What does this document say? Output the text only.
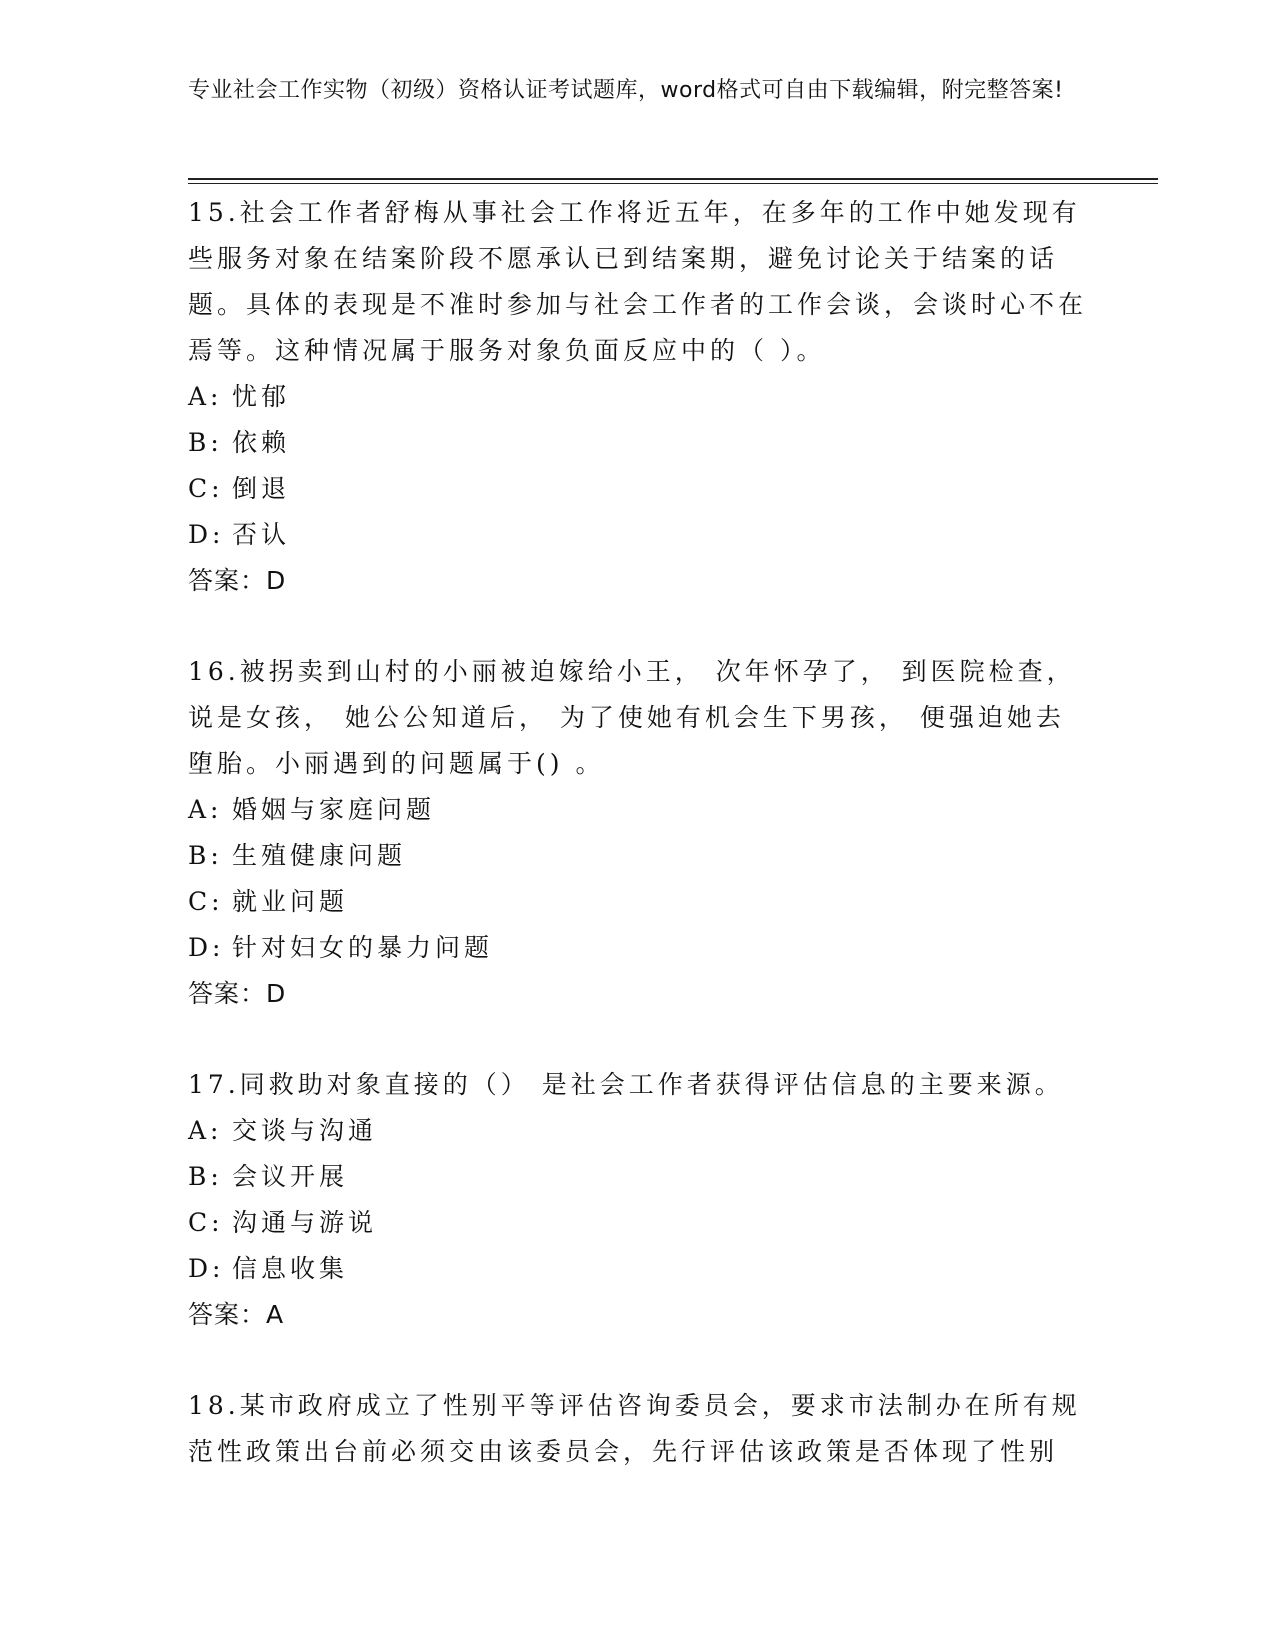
专业社会工作实物（初级）资格认证考试题库，word格式可自由下载编辑，附完整答案!

15.社会工作者舒梅从事社会工作将近五年，在多年的工作中她发现有些服务对象在结案阶段不愿承认已到结案期，避免讨论关于结案的话题。具体的表现是不准时参加与社会工作者的工作会谈，会谈时心不在焉等。这种情况属于服务对象负面反应中的（ ）。

A: 忧郁
B: 依赖
C: 倒退
D: 否认

答案：D

16.被拐卖到山村的小丽被迫嫁给小王， 次年怀孕了， 到医院检查，说是女孩， 她公公知道后， 为了使她有机会生下男孩， 便强迫她去堕胎。小丽遇到的问题属于() 。

A: 婚姻与家庭问题
B: 生殖健康问题
C: 就业问题
D: 针对妇女的暴力问题

答案：D

17.同救助对象直接的（） 是社会工作者获得评估信息的主要来源。

A: 交谈与沟通
B: 会议开展
C: 沟通与游说
D: 信息收集

答案：A

18.某市政府成立了性别平等评估咨询委员会，要求市法制办在所有规范性政策出台前必须交由该委员会，先行评估该政策是否体现了性别
